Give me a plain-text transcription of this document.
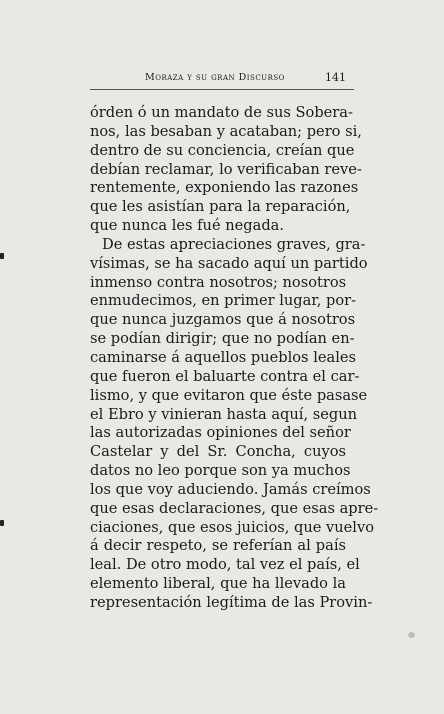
Moraza y su gran Discurso	141
órden ó un mandato de sus Sobera-
nos, las besaban y acataban; pero si,
dentro de su conciencia, creían que
debían reclamar, lo verificaban reve-
rentemente, exponiendo las razones
que les asistían para la reparación,
que nunca les fué negada.
De estas apreciaciones graves, gra-
vísimas, se ha sacado aquí un partido
inmenso contra nosotros; nosotros
enmudecimos, en primer lugar, por-
que nunca juzgamos que á nosotros
se podían dirigir; que no podían en-
caminarse á aquellos pueblos leales
que fueron el baluarte contra el car-
lismo, y que evitaron que éste pasase
el Ebro y vinieran hasta aquí, segun
las autorizadas opiniones del señor
Castelar y del Sr. Concha, cuyos
datos no leo porque son ya muchos
los que voy aduciendo. Jamás creímos
que esas declaraciones, que esas apre-
ciaciones, que esos juicios, que vuelvo
á decir respeto, se referían al país
leal. De otro modo, tal vez el país, el
elemento liberal, que ha llevado la
representación legítima de las Provin-
